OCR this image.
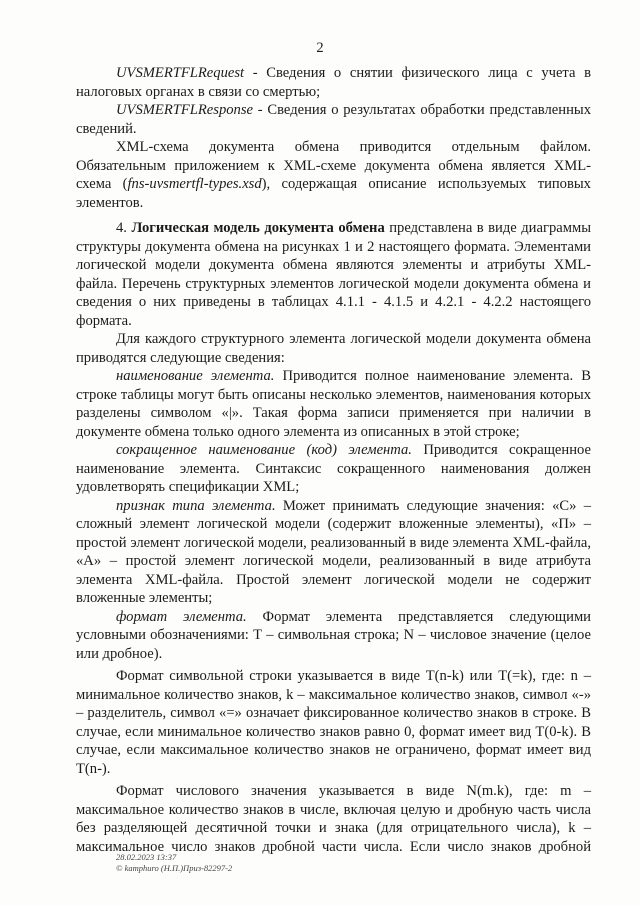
2

UVSMERTFLRequest - Сведения о снятии физического лица с учета в налоговых органах в связи со смертью;

UVSMERTFLResponse - Сведения о результатах обработки представленных сведений.

XML-схема документа обмена приводится отдельным файлом. Обязательным приложением к XML-схеме документа обмена является XML-схема (fns-uvsmertfl-types.xsd), содержащая описание используемых типовых элементов.

4. Логическая модель документа обмена представлена в виде диаграммы структуры документа обмена на рисунках 1 и 2 настоящего формата. Элементами логической модели документа обмена являются элементы и атрибуты XML-файла. Перечень структурных элементов логической модели документа обмена и сведения о них приведены в таблицах 4.1.1 - 4.1.5 и 4.2.1 - 4.2.2 настоящего формата.

Для каждого структурного элемента логической модели документа обмена приводятся следующие сведения:

наименование элемента. Приводится полное наименование элемента. В строке таблицы могут быть описаны несколько элементов, наименования которых разделены символом «|». Такая форма записи применяется при наличии в документе обмена только одного элемента из описанных в этой строке;

сокращенное наименование (код) элемента. Приводится сокращенное наименование элемента. Синтаксис сокращенного наименования должен удовлетворять спецификации XML;

признак типа элемента. Может принимать следующие значения: «С» – сложный элемент логической модели (содержит вложенные элементы), «П» – простой элемент логической модели, реализованный в виде элемента XML-файла, «А» – простой элемент логической модели, реализованный в виде атрибута элемента XML-файла. Простой элемент логической модели не содержит вложенные элементы;

формат элемента. Формат элемента представляется следующими условными обозначениями: Т – символьная строка; N – числовое значение (целое или дробное).

Формат символьной строки указывается в виде Т(n-k) или Т(=k), где: n – минимальное количество знаков, k – максимальное количество знаков, символ «-» – разделитель, символ «=» означает фиксированное количество знаков в строке. В случае, если минимальное количество знаков равно 0, формат имеет вид Т(0-k). В случае, если максимальное количество знаков не ограничено, формат имеет вид Т(n-).

Формат числового значения указывается в виде N(m.k), где: m – максимальное количество знаков в числе, включая целую и дробную часть числа без разделяющей десятичной точки и знака (для отрицательного числа), k – максимальное число знаков дробной части числа. Если число знаков дробной

28.02.2023 13:37
© kamphuro (Н.П.)Приз-82297-2
